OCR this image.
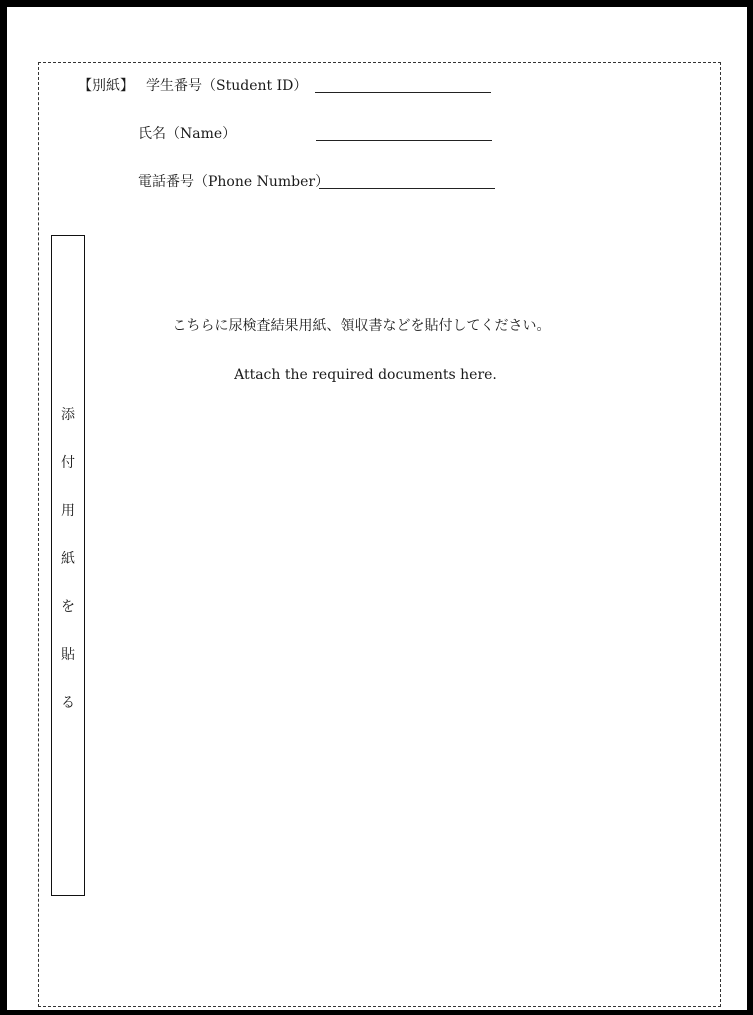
【別紙】 学生番号（Student ID）
氏名（Name）
電話番号（Phone Number）
添
付
用
紙
を
貼
る
こちらに尿検査結果用紙、領収書などを貼付してください。
Attach the required documents here.
